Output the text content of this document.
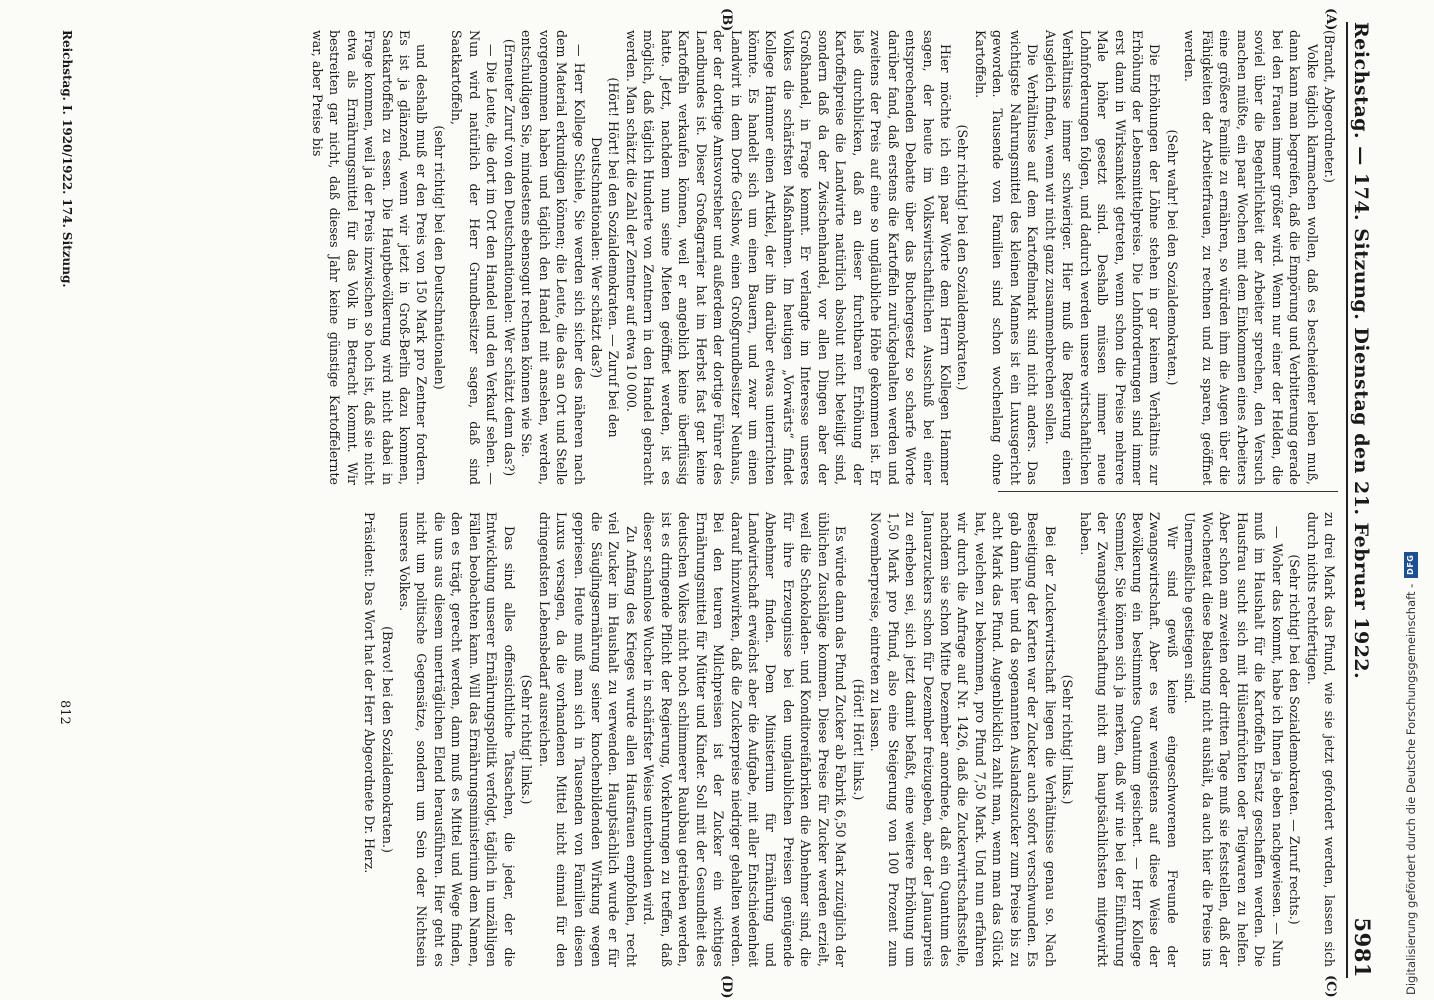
Reichstag. — 174. Sitzung. Dienstag den 21. Februar 1922.
5981
(A)
(B)
(C)
(D)

(Brandt, Abgeordneter.)

Volke täglich klarmachen wollen, daß es bescheidener leben muß, dann kann man begreifen, daß die Empörung und Verbitterung gerade bei den Frauen immer größer wird. Wenn nur einer der Helden, die soviel über die Begehrlichkeit der Arbeiter sprechen, den Versuch machen müßte, ein paar Wochen mit dem Einkommen eines Arbeiters eine größere Familie zu ernähren, so würden ihm die Augen über die Fähigkeiten der Arbeiterfrauen, zu rechnen und zu sparen, geöffnet werden.

(Sehr wahr! bei den Sozialdemokraten.)

Die Erhöhungen der Löhne stehen in gar keinem Verhältnis zur Erhöhung der Lebensmittelpreise. Die Lohnforderungen sind immer erst dann in Wirksamkeit getreten, wenn schon die Preise mehrere Male höher gesetzt sind. Deshalb müssen immer neue Lohnforderungen folgen, und dadurch werden unsere wirtschaftlichen Verhältnisse immer schwieriger. Hier muß die Regierung einen Ausgleich finden, wenn wir nicht ganz zusammenbrechen sollen.

Die Verhältnisse auf dem Kartoffelmarkt sind nicht anders. Das wichtigste Nahrungsmittel des kleinen Mannes ist ein Luxusgericht geworden. Tausende von Familien sind schon wochenlang ohne Kartoffeln.

(Sehr richtig! bei den Sozialdemokraten.)

Hier möchte ich ein paar Worte dem Herrn Kollegen Hammer sagen, der heute im Volkswirtschaftlichen Ausschuß bei einer entsprechenden Debatte über das Buchergesetz so scharfe Worte darüber fand, daß erstens die Kartoffeln zurückgehalten werden und zweitens der Preis auf eine so ungläubliche Höhe gekommen ist. Er ließ durchblicken, daß an dieser furchtbaren Erhöhung der Kartoffelpreise die Landwirte natürlich absolut nicht beteiligt sind, sondern daß da der Zwischenhandel, vor allen Dingen aber der Großhandel, in Frage kommt. Er verlangte im Interesse unseres Volkes die schärfsten Maßnahmen. Im heutigen „Vorwärts“ findet Kollege Hammer einen Artikel, der ihn darüber etwas unterrichten könnte. Es handelt sich um einen Bauern, und zwar um einen Landwirt in dem Dorfe Gelshow, einen Großgrundbesitzer Neuhaus, der der dortige Amtsvorsteher und außerdem der dortige Führer des Landbundes ist. Dieser Großagrarier hat im Herbst fast gar keine Kartoffeln verkaufen können, weil er angeblich keine überflüssig hatte. Jetzt, nachdem nun seine Mieten geöffnet werden, ist es möglich, daß täglich Hunderte von Zentnern in den Handel gebracht werden. Man schätzt die Zahl der Zentner auf etwa 10 000.

(Hört! Hört! bei den Sozialdemokraten. — Zuruf bei den Deutschnationalen: Wer schätzt das?)

— Herr Kollege Schiele, Sie werden sich sicher des näheren nach dem Material erkundigen können; die Leute, die das an Ort und Stelle vorgenommen haben und täglich den Handel mit ansehen, werden, entschuldigen Sie, mindestens ebensogut rechnen können wie Sie.

(Erneuter Zuruf von den Deutschnationalen: Wer schätzt denn das?)

— Die Leute, die dort im Ort den Handel und den Verkauf sehen. — Nun wird natürlich der Herr Grundbesitzer sagen, daß sind Saatkartoffeln,

(sehr richtig! bei den Deutschnationalen)

und deshalb muß er den Preis von 150 Mark pro Zentner fordern. Es ist ja glänzend, wenn wir jetzt in Groß-Berlin dazu kommen, Saatkartoffeln zu essen. Die Hauptbevölkerung wird nicht dabei in Frage kommen, weil ja der Preis inzwischen so hoch ist, daß sie nicht etwa als Ernährungsmittel für das Volk in Betracht kommt. Wir bestreiten gar nicht, daß dieses Jahr keine günstige Kartoffelernte war, aber Preise bis

zu drei Mark das Pfund, wie sie jetzt gefordert werden, lassen sich durch nichts rechtfertigen.

(Sehr richtig! bei den Sozialdemokraten. — Zuruf rechts.)

— Woher das kommt, habe ich Ihnen ja eben nachgewiesen. — Nun muß im Haushalt für die Kartoffeln Ersatz geschaffen werden. Die Hausfrau sucht sich mit Hülsenfrüchten oder Teigwaren zu helfen. Aber schon am zweiten oder dritten Tage muß sie feststellen, daß der Wochenetat diese Belastung nicht aushält, da auch hier die Preise ins Unermeßliche gestiegen sind.

Wir sind gewiß keine eingeschworenen Freunde der Zwangswirtschaft. Aber es war wenigstens auf diese Weise der Bevölkerung ein bestimmtes Quantum gesichert. — Herr Kollege Semmler, Sie können sich ja merken, daß wir nie bei der Einführung der Zwangsbewirtschaftung nicht am hauptsächlichsten mitgewirkt haben.

(Sehr richtig! links.)

Bei der Zuckerwirtschaft liegen die Verhältnisse genau so. Nach Beseitigung der Karten war der Zucker auch sofort verschwunden. Es gab dann hier und da sogenannten Auslandszucker zum Preise bis zu acht Mark das Pfund. Augenblicklich zahlt man, wenn man das Glück hat, welchen zu bekommen, pro Pfund 7,50 Mark. Und nun erfahren wir durch die Anfrage auf Nr. 1426, daß die Zuckerwirtschaftsstelle, nachdem sie schon Mitte Dezember anordnete, daß ein Quantum des Januarzuckers schon für Dezember freizugeben, aber der Januarpreis zu erheben sei, sich jetzt damit befaßt, eine weitere Erhöhung um 1,50 Mark pro Pfund, also eine Steigerung von 100 Prozent zum Novemberpreise, eintreten zu lassen.

(Hört! Hört! links.)

Es würde dann das Pfund Zucker ab Fabrik 6,50 Mark zuzüglich der üblichen Zuschläge kommen. Diese Preise für Zucker werden erzielt, weil die Schokoladen- und Konditoreifabriken die Abnehmer sind, die für ihre Erzeugnisse bei den unglaublichen Preisen genügende Abnehmer finden. Dem Ministerium für Ernährung und Landwirtschaft erwächst aber die Aufgabe, mit aller Entschiedenheit darauf hinzuwirken, daß die Zuckerpreise niedriger gehalten werden. Bei den teuren Milchpreisen ist der Zucker ein wichtiges Ernährungsmittel für Mütter und Kinder. Soll mit der Gesundheit des deutschen Volkes nicht noch schlimmerer Raubbau getrieben werden, ist es dringende Pflicht der Regierung, Vorkehrungen zu treffen, daß dieser schamlose Wucher in schärfster Weise unterbunden wird.

Zu Anfang des Krieges wurde allen Hausfrauen empfohlen, recht viel Zucker im Haushalt zu verwenden. Hauptsächlich wurde er für die Säuglingsernährung seiner knochenbildenden Wirkung wegen gepriesen. Heute muß man sich in Tausenden von Familien diesen Luxus versagen, da die vorhandenen Mittel nicht einmal für den dringendsten Lebensbedarf ausreichen.

(Sehr richtig! links.)

Das sind alles offensichtliche Tatsachen, die jeder, der die Entwicklung unserer Ernährungspolitik verfolgt, täglich in unzähligen Fällen beobachten kann. Will das Ernährungsministerium dem Namen, den es trägt, gerecht werden, dann muß es Mittel und Wege finden, die uns aus diesem unerträglichen Elend herausführen. Hier geht es nicht um politische Gegensätze, sondern um Sein oder Nichtsein unseres Volkes.

(Bravo! bei den Sozialdemokraten.)

Präsident: Das Wort hat der Herr Abgeordnete Dr. Herz.

Reichstag. I. 1920/1922. 174. Sitzung.
812	Digitalisierung gefördert durch die Deutsche Forschungsgemeinschaft -
DFG
